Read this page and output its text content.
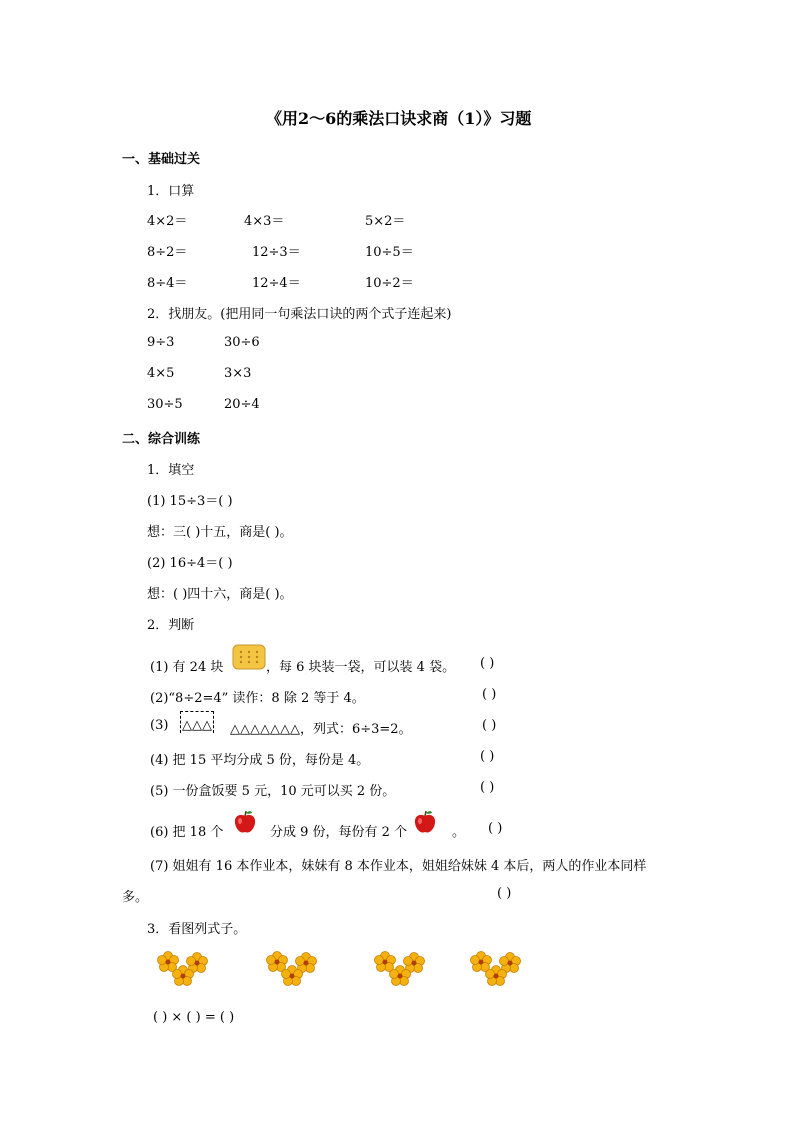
《用2～6的乘法口诀求商（1）》习题
一、基础过关
1．口算
4×2＝	4×3＝	5×2＝
8÷2＝	12÷3＝	10÷5＝
8÷4＝	12÷4＝	10÷2＝
2．找朋友。(把用同一句乘法口诀的两个式子连起来)
9÷3	30÷6
4×5	3×3
30÷5	20÷4
二、综合训练
1．填空
(1) 15÷3＝( )
想：三( )十五，商是( )。
(2) 16÷4＝( )
想：( )四十六，商是( )。
2．判断
(1) 有 24 块	，每 6 块装一袋，可以装 4 袋。 ( )
(2)“8÷2=4” 读作：8 除 2 等于 4。	( )
(3) △△△ △△△△△△△，列式：6÷3=2。	( )
(4) 把 15 平均分成 5 份，每份是 4。	( )
(5) 一份盒饭要 5 元，10 元可以买 2 份。	( )
(6) 把 18 个	分成 9 份，每份有 2 个	。 ( )
(7) 姐姐有 16 本作业本，妹妹有 8 本作业本，姐姐给妹妹 4 本后，两人的作业本同样
多。	( )
3．看图列式子。
( ) × ( ) = ( )
